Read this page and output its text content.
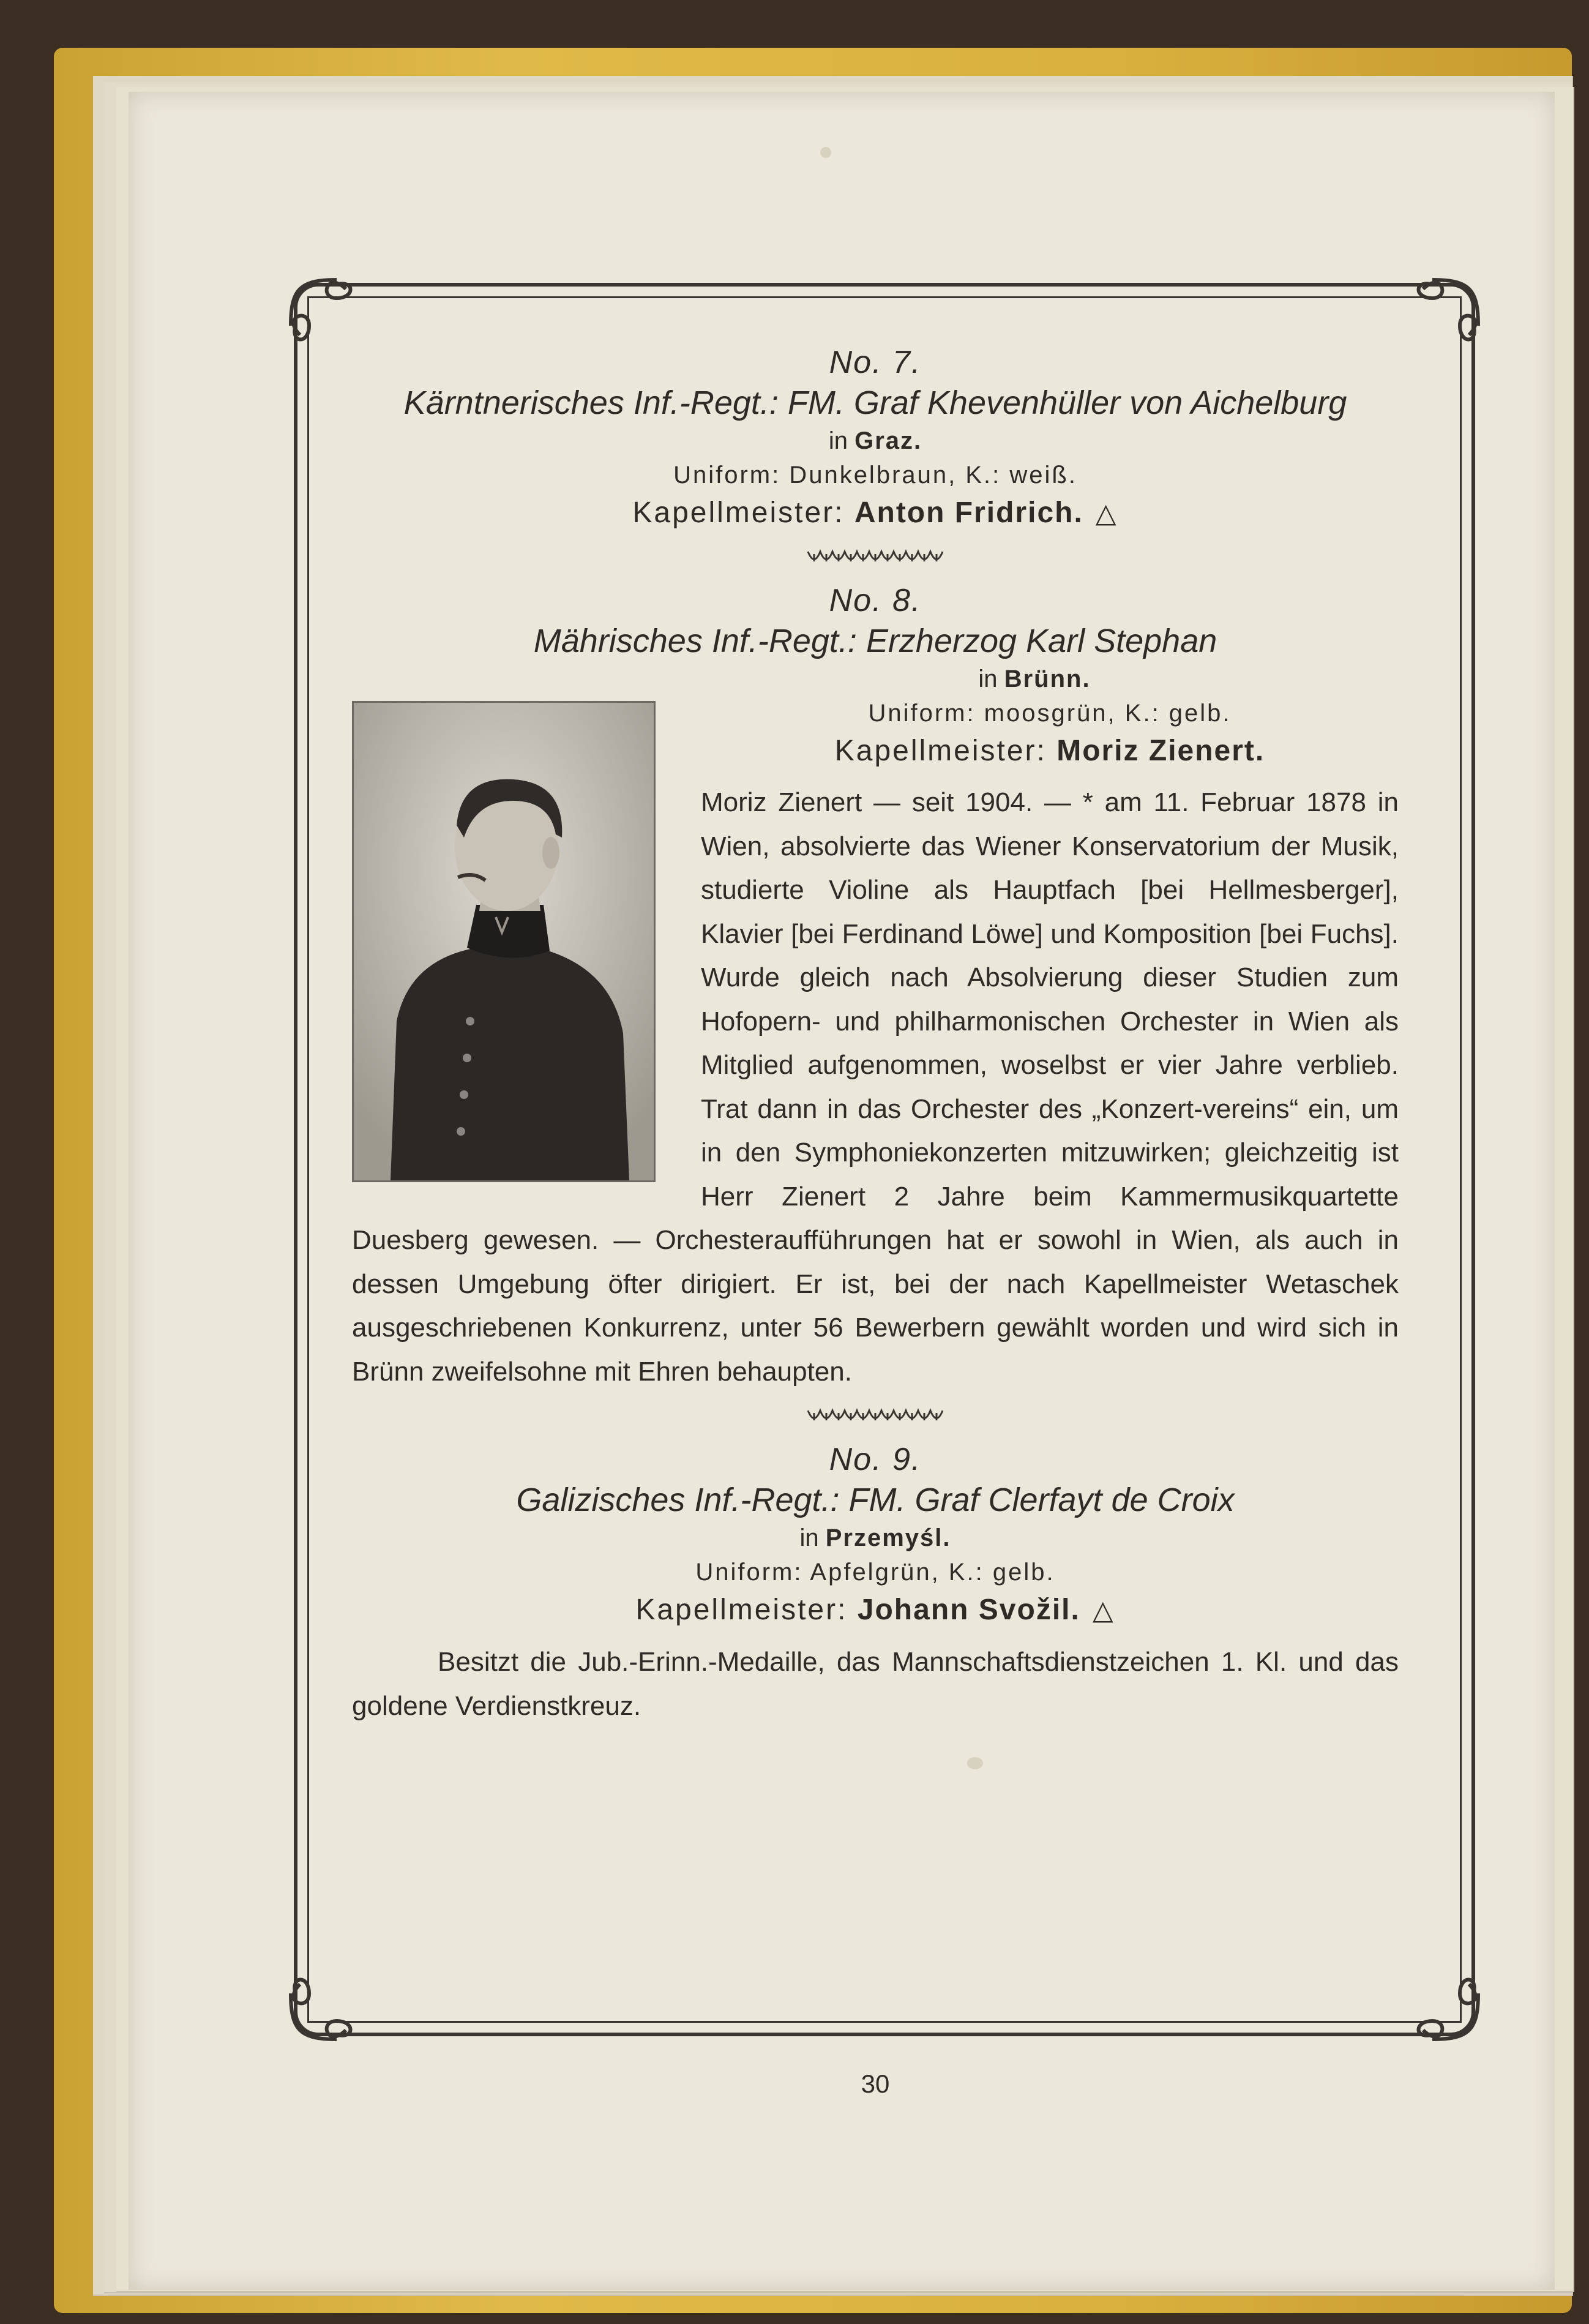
No. 7.

Kärntnerisches Inf.-Regt.: FM. Graf Khevenhüller von Aichelburg

in Graz.

Uniform: Dunkelbraun, K.: weiß.

Kapellmeister: Anton Fridrich. △

No. 8.

Mährisches Inf.-Regt.: Erzherzog Karl Stephan

in Brünn.

Uniform: moosgrün, K.: gelb.

Kapellmeister: Moriz Zienert.

Moriz Zienert — seit 1904. — * am 11. Februar 1878 in Wien, absolvierte das Wiener Konservatorium der Musik, studierte Violine als Hauptfach [bei Hellmesberger], Klavier [bei Ferdinand Löwe] und Komposition [bei Fuchs]. Wurde gleich nach Absolvierung dieser Studien zum Hofopern- und philharmonischen Orchester in Wien als Mitglied aufgenommen, woselbst er vier Jahre verblieb. Trat dann in das Orchester des „Konzert-vereins“ ein, um in den Symphoniekonzerten mitzuwirken; gleichzeitig ist Herr Zienert 2 Jahre beim Kammermusikquartette Duesberg gewesen. — Orchesteraufführungen hat er sowohl in Wien, als auch in dessen Umgebung öfter dirigiert. Er ist, bei der nach Kapellmeister Wetaschek ausgeschriebenen Konkurrenz, unter 56 Bewerbern gewählt worden und wird sich in Brünn zweifelsohne mit Ehren behaupten.

No. 9.

Galizisches Inf.-Regt.: FM. Graf Clerfayt de Croix

in Przemyśl.

Uniform: Apfelgrün, K.: gelb.

Kapellmeister: Johann Svožil. △

Besitzt die Jub.-Erinn.-Medaille, das Mannschaftsdienstzeichen 1. Kl. und das goldene Verdienstkreuz.

30
